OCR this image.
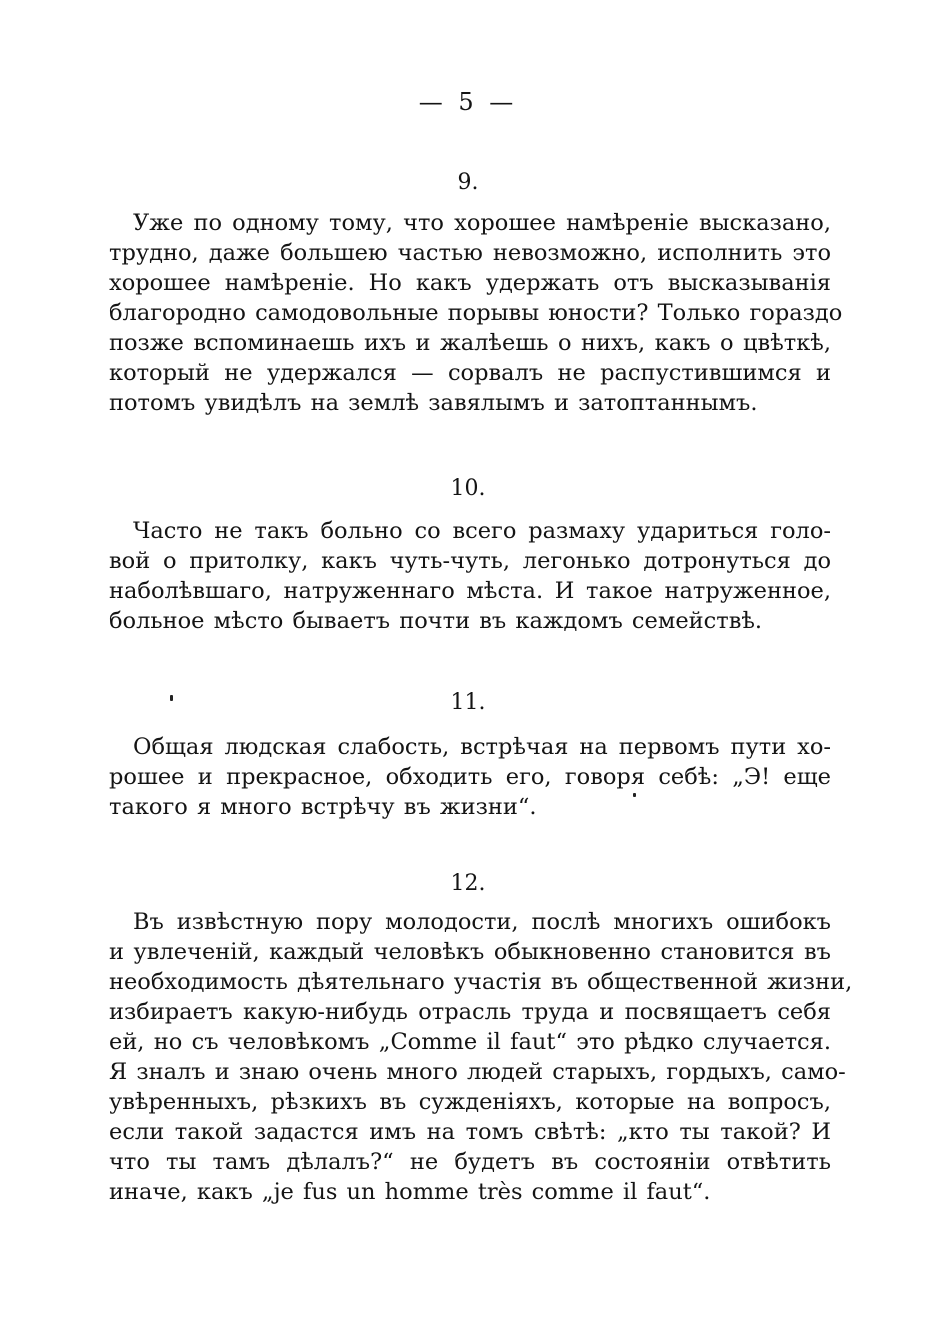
— 5 —
9.
Уже по одному тому, что хорошее намѣреніе высказано,
трудно, даже большею частью невозможно, исполнить это
хорошее намѣреніе. Но какъ удержать отъ высказыванія
благородно самодовольные порывы юности? Только гораздо
позже вспоминаешь ихъ и жалѣешь о нихъ, какъ о цвѣткѣ,
который не удержался — сорвалъ не распустившимся и
потомъ увидѣлъ на землѣ завялымъ и затоптаннымъ.
10.
Часто не такъ больно со всего размаху удариться голо-
вой о притолку, какъ чуть-чуть, легонько дотронуться до
наболѣвшаго, натруженнаго мѣста. И такое натруженное,
больное мѣсто бываетъ почти въ каждомъ семействѣ.
11.
Общая людская слабость, встрѣчая на первомъ пути хо-
рошее и прекрасное, обходить его, говоря себѣ: „Э! еще
такого я много встрѣчу въ жизни“.
12.
Въ извѣстную пору молодости, послѣ многихъ ошибокъ
и увлеченій, каждый человѣкъ обыкновенно становится въ
необходимость дѣятельнаго участія въ общественной жизни,
избираетъ какую-нибудь отрасль труда и посвящаетъ себя
ей, но съ человѣкомъ „Comme il faut“ это рѣдко случается.
Я зналъ и знаю очень много людей старыхъ, гордыхъ, само-
увѣренныхъ, рѣзкихъ въ сужденіяхъ, которые на вопросъ,
если такой задастся имъ на томъ свѣтѣ: „кто ты такой? И
что ты тамъ дѣлалъ?“ не будетъ въ состояніи отвѣтить
иначе, какъ „je fus un homme très comme il faut“.
